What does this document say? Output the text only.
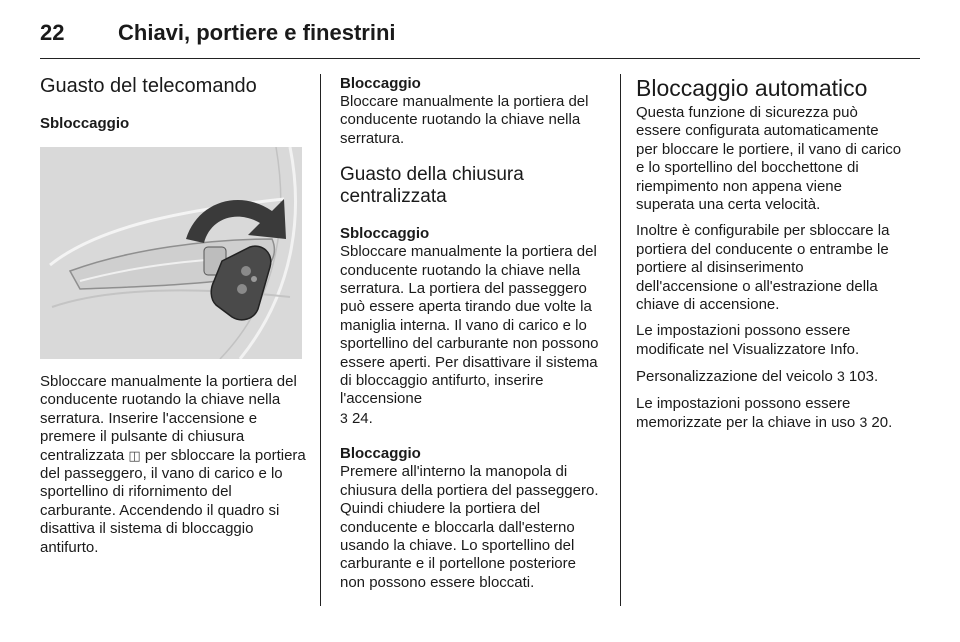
22 Chiavi, portiere e finestrini
Guasto del telecomando
Sbloccaggio

Sbloccare manualmente la portiera del conducente ruotando la chiave nella serratura. Inserire l'accensione e premere il pulsante di chiusura centralizzata ◫ per sbloccare la portiera del passeggero, il vano di carico e lo sportellino di rifornimento del carburante. Accendendo il quadro si disattiva il sistema di bloccaggio antifurto.

Bloccaggio

Bloccare manualmente la portiera del conducente ruotando la chiave nella serratura.

Guasto della chiusura
centralizzata
Sbloccaggio

Sbloccare manualmente la portiera del conducente ruotando la chiave nella serratura. La portiera del passeggero può essere aperta tirando due volte la maniglia interna. Il vano di carico e lo sportellino del carburante non possono essere aperti. Per disattivare il sistema di bloccaggio antifurto, inserire l'accensione
3 24.

Bloccaggio

Premere all'interno la manopola di chiusura della portiera del passeggero. Quindi chiudere la portiera del conducente e bloccarla dall'esterno usando la chiave. Lo sportellino del carburante e il portellone posteriore non possono essere bloccati.

Bloccaggio automatico

Questa funzione di sicurezza può essere configurata automaticamente per bloccare le portiere, il vano di carico e lo sportellino del bocchettone di riempimento non appena viene superata una certa velocità.

Inoltre è configurabile per sbloccare la portiera del conducente o entrambe le portiere al disinserimento dell'accensione o all'estrazione della chiave di accensione.

Le impostazioni possono essere modificate nel Visualizzatore Info.

Personalizzazione del veicolo 3 103.

Le impostazioni possono essere memorizzate per la chiave in uso 3 20.
